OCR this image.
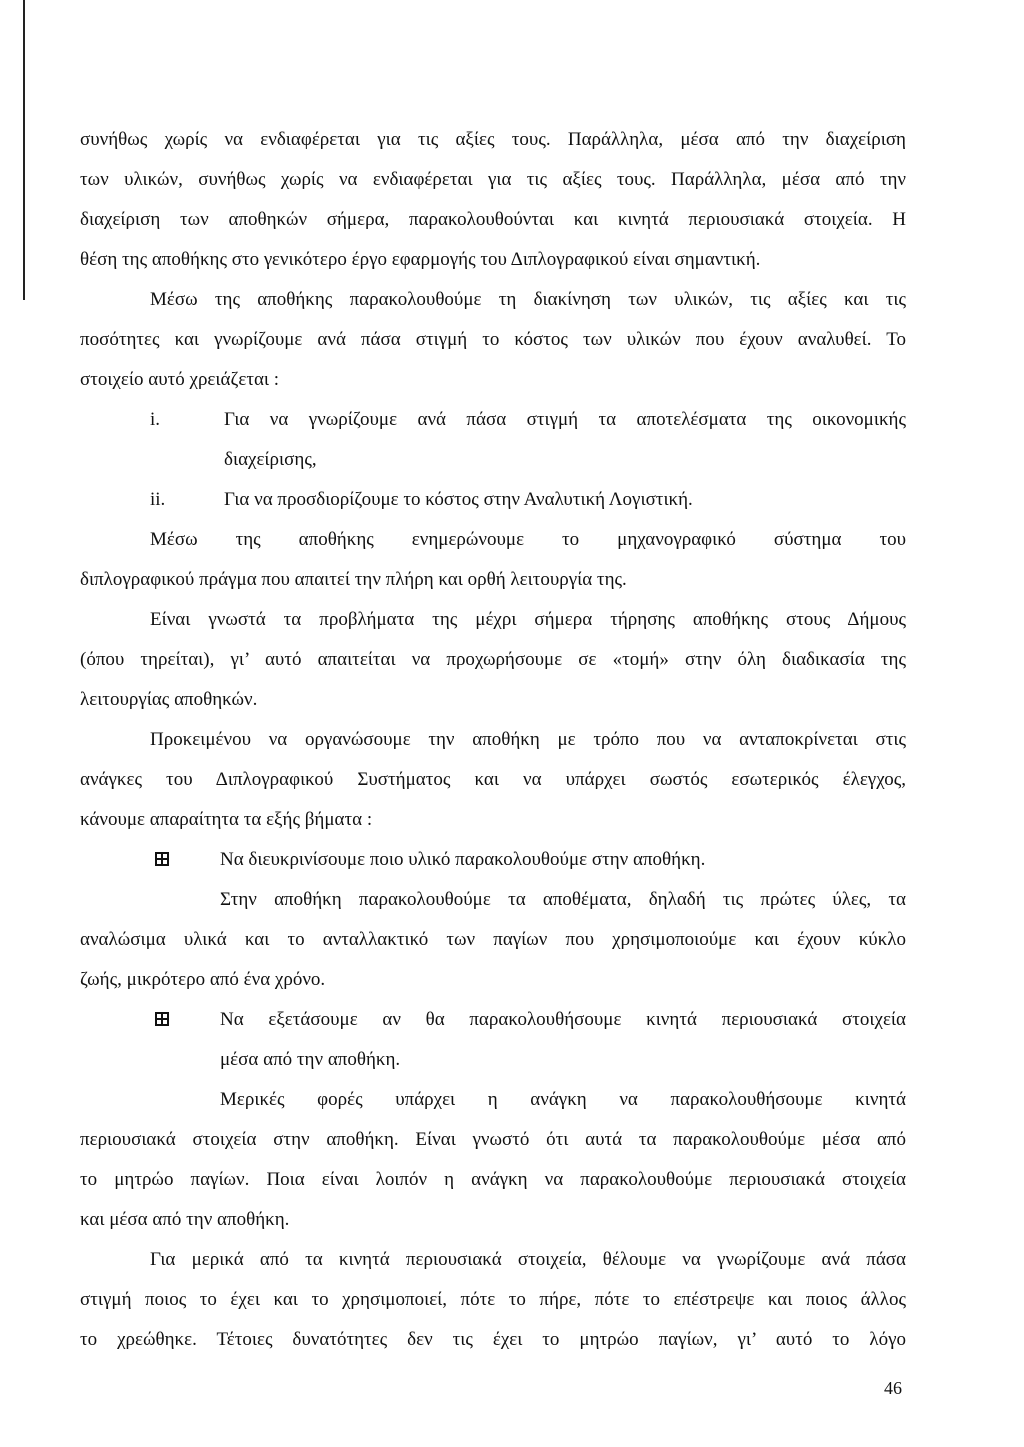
συνήθως χωρίς να ενδιαφέρεται για τις αξίες τους. Παράλληλα, μέσα από την διαχείριση
των υλικών, συνήθως χωρίς να ενδιαφέρεται για τις αξίες τους. Παράλληλα, μέσα από την
διαχείριση των αποθηκών σήμερα, παρακολουθούνται και κινητά περιουσιακά στοιχεία. Η
θέση της αποθήκης στο γενικότερο έργο εφαρμογής του Διπλογραφικού είναι σημαντική.
Μέσω της αποθήκης παρακολουθούμε τη διακίνηση των υλικών, τις αξίες και τις
ποσότητες και γνωρίζουμε ανά πάσα στιγμή το κόστος των υλικών που έχουν αναλυθεί. Το
στοιχείο αυτό χρειάζεται :
i.	Για να γνωρίζουμε ανά πάσα στιγμή τα αποτελέσματα της οικονομικής
διαχείρισης,
ii.	Για να προσδιορίζουμε το κόστος στην Αναλυτική Λογιστική.
Μέσω της αποθήκης ενημερώνουμε το μηχανογραφικό σύστημα του
διπλογραφικού πράγμα που απαιτεί την πλήρη και ορθή λειτουργία της.
Είναι γνωστά τα προβλήματα της μέχρι σήμερα τήρησης αποθήκης στους Δήμους
(όπου τηρείται), γι’ αυτό απαιτείται να προχωρήσουμε σε «τομή» στην όλη διαδικασία της
λειτουργίας αποθηκών.
Προκειμένου να οργανώσουμε την αποθήκη με τρόπο που να ανταποκρίνεται στις
ανάγκες του Διπλογραφικού Συστήματος και να υπάρχει σωστός εσωτερικός έλεγχος,
κάνουμε απαραίτητα τα εξής βήματα :
Να διευκρινίσουμε ποιο υλικό παρακολουθούμε στην αποθήκη.
Στην αποθήκη παρακολουθούμε τα αποθέματα, δηλαδή τις πρώτες ύλες, τα
αναλώσιμα υλικά και το ανταλλακτικό των παγίων που χρησιμοποιούμε και έχουν κύκλο
ζωής, μικρότερο από ένα χρόνο.
Να εξετάσουμε αν θα παρακολουθήσουμε κινητά περιουσιακά στοιχεία
μέσα από την αποθήκη.
Μερικές φορές υπάρχει η ανάγκη να παρακολουθήσουμε κινητά
περιουσιακά στοιχεία στην αποθήκη. Είναι γνωστό ότι αυτά τα παρακολουθούμε μέσα από
το μητρώο παγίων. Ποια είναι λοιπόν η ανάγκη να παρακολουθούμε περιουσιακά στοιχεία
και μέσα από την αποθήκη.
Για μερικά από τα κινητά περιουσιακά στοιχεία, θέλουμε να γνωρίζουμε ανά πάσα
στιγμή ποιος το έχει και το χρησιμοποιεί, πότε το πήρε, πότε το επέστρεψε και ποιος άλλος
το χρεώθηκε. Τέτοιες δυνατότητες δεν τις έχει το μητρώο παγίων, γι’ αυτό το λόγο
46
